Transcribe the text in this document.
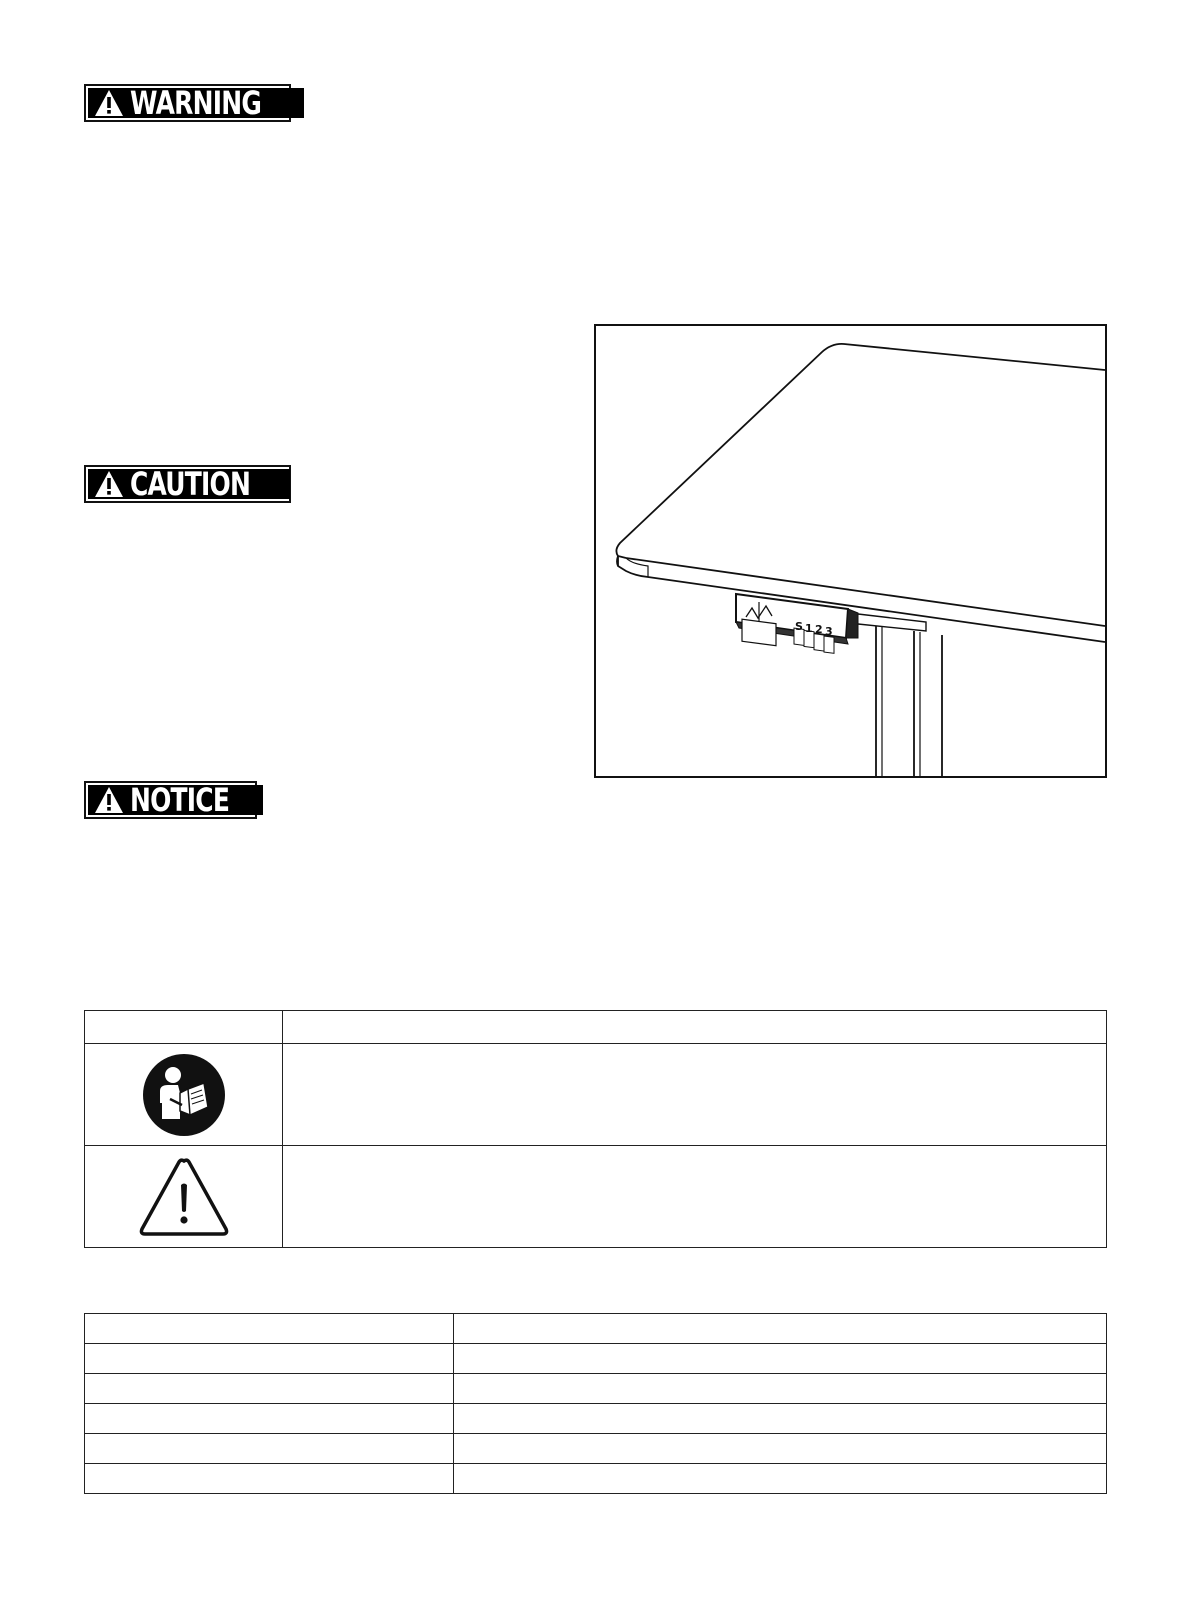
WARNING
CAUTION
NOTICE
S 1 2 3
